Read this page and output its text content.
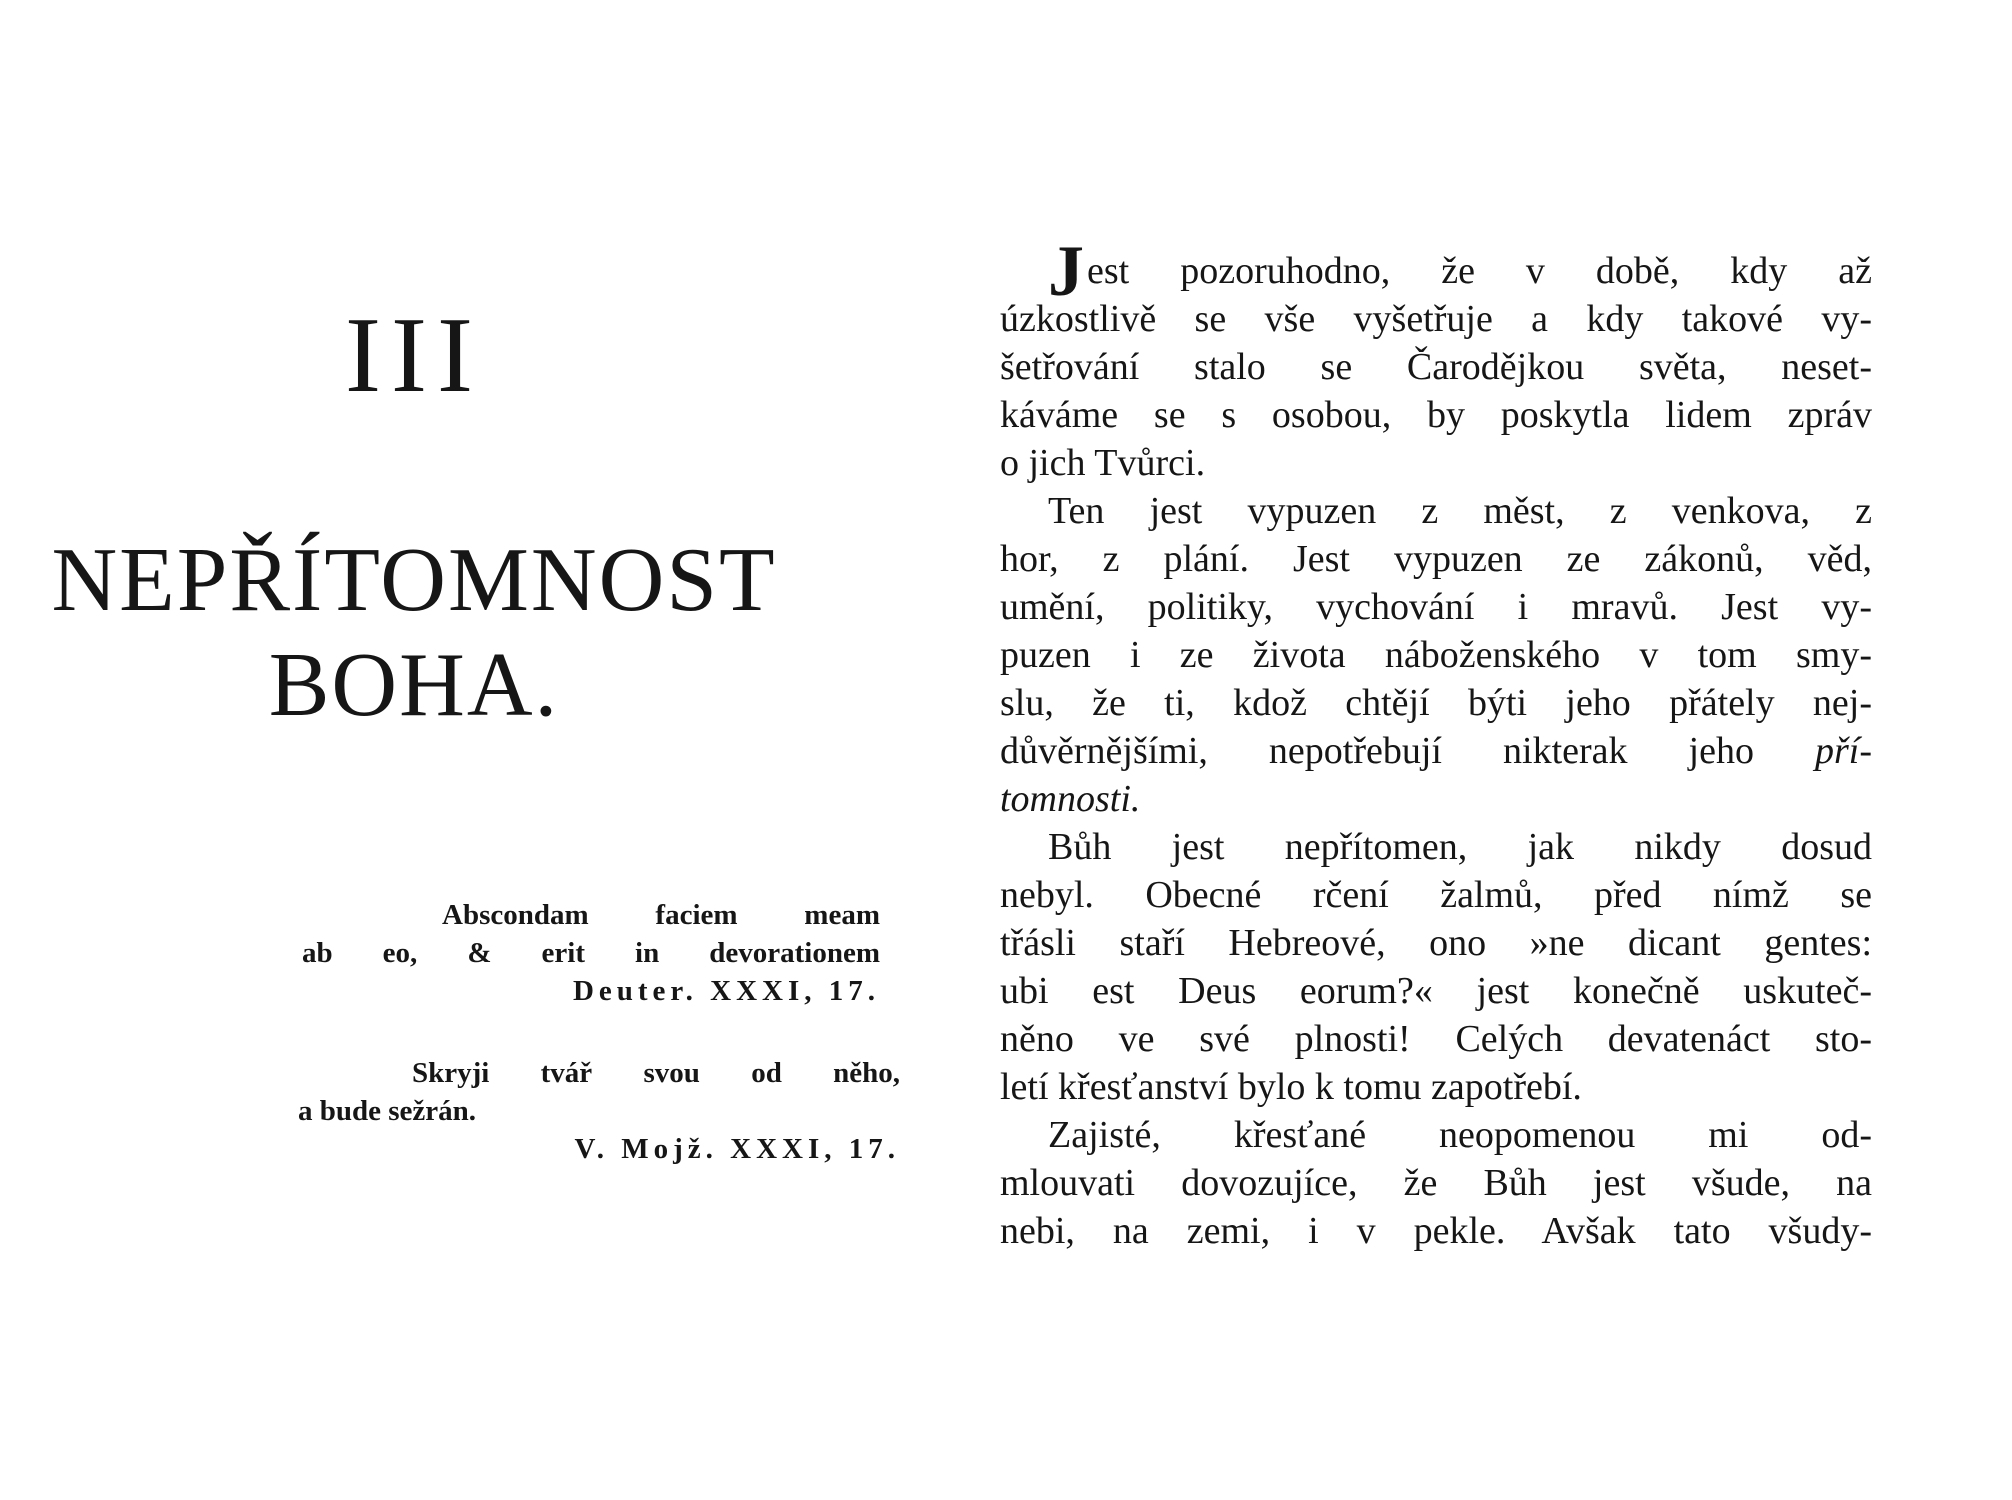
III
NEPŘÍTOMNOST
BOHA.
Abscondam faciem meam
ab eo, & erit in devorationem
Deuter. XXXI, 17.
Skryji tvář svou od něho,
a bude sežrán.
V. Mojž. XXXI, 17.
Jest pozoruhodno, že v době, kdy až
úzkostlivě se vše vyšetřuje a kdy takové vy-
šetřování stalo se Čarodějkou světa, neset-
káváme se s osobou, by poskytla lidem zpráv
o jich Tvůrci.
Ten jest vypuzen z měst, z venkova, z
hor, z plání. Jest vypuzen ze zákonů, věd,
umění, politiky, vychování i mravů. Jest vy-
puzen i ze života náboženského v tom smy-
slu, že ti, kdož chtějí býti jeho přátely nej-
důvěrnějšími, nepotřebují nikterak jeho pří-
tomnosti.
Bůh jest nepřítomen, jak nikdy dosud
nebyl. Obecné rčení žalmů, před nímž se
třásli staří Hebreové, ono »ne dicant gentes:
ubi est Deus eorum?« jest konečně uskuteč-
něno ve své plnosti! Celých devatenáct sto-
letí křesťanství bylo k tomu zapotřebí.
Zajisté, křesťané neopomenou mi od-
mlouvati dovozujíce, že Bůh jest všude, na
nebi, na zemi, i v pekle. Avšak tato všudy-
